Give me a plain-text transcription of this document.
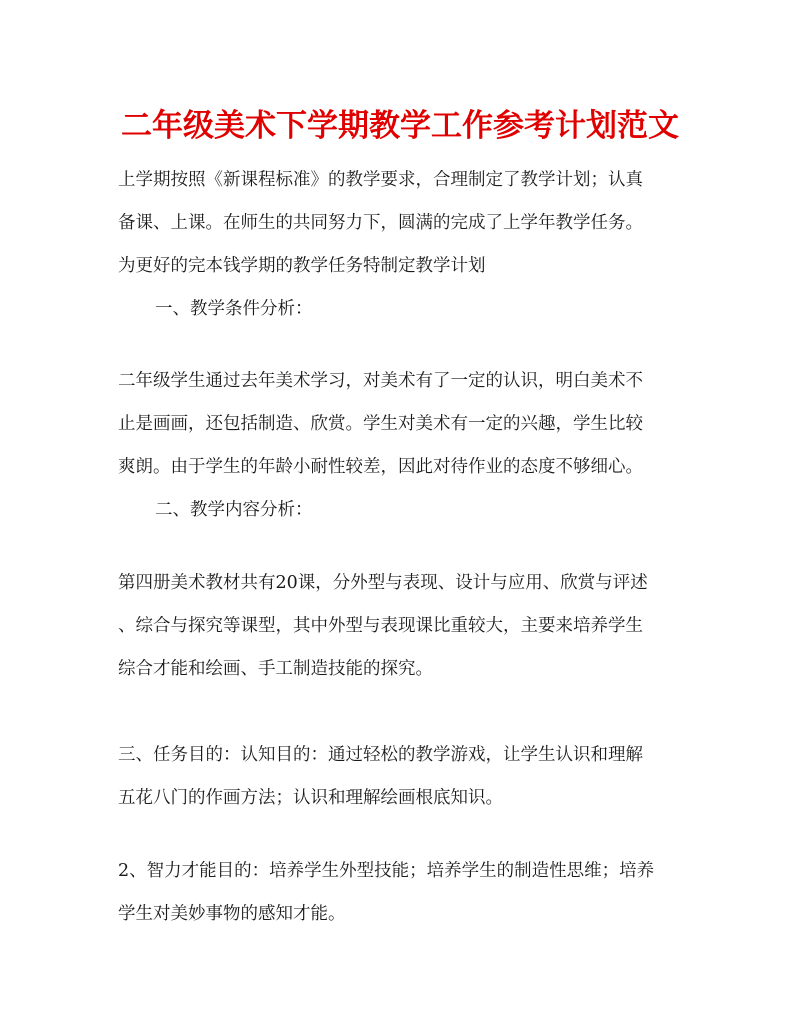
二年级美术下学期教学工作参考计划范文
上学期按照《新课程标准》的教学要求，合理制定了教学计划；认真
备课、上课。在师生的共同努力下，圆满的完成了上学年教学任务。
为更好的完本钱学期的教学任务特制定教学计划
一、教学条件分析：
二年级学生通过去年美术学习，对美术有了一定的认识，明白美术不
止是画画，还包括制造、欣赏。学生对美术有一定的兴趣，学生比较
爽朗。由于学生的年龄小耐性较差，因此对待作业的态度不够细心。
二、教学内容分析：
第四册美术教材共有20课，分外型与表现、设计与应用、欣赏与评述
、综合与探究等课型，其中外型与表现课比重较大，主要来培养学生
综合才能和绘画、手工制造技能的探究。
三、任务目的：认知目的：通过轻松的教学游戏，让学生认识和理解
五花八门的作画方法；认识和理解绘画根底知识。
2、智力才能目的：培养学生外型技能；培养学生的制造性思维；培养
学生对美妙事物的感知才能。
